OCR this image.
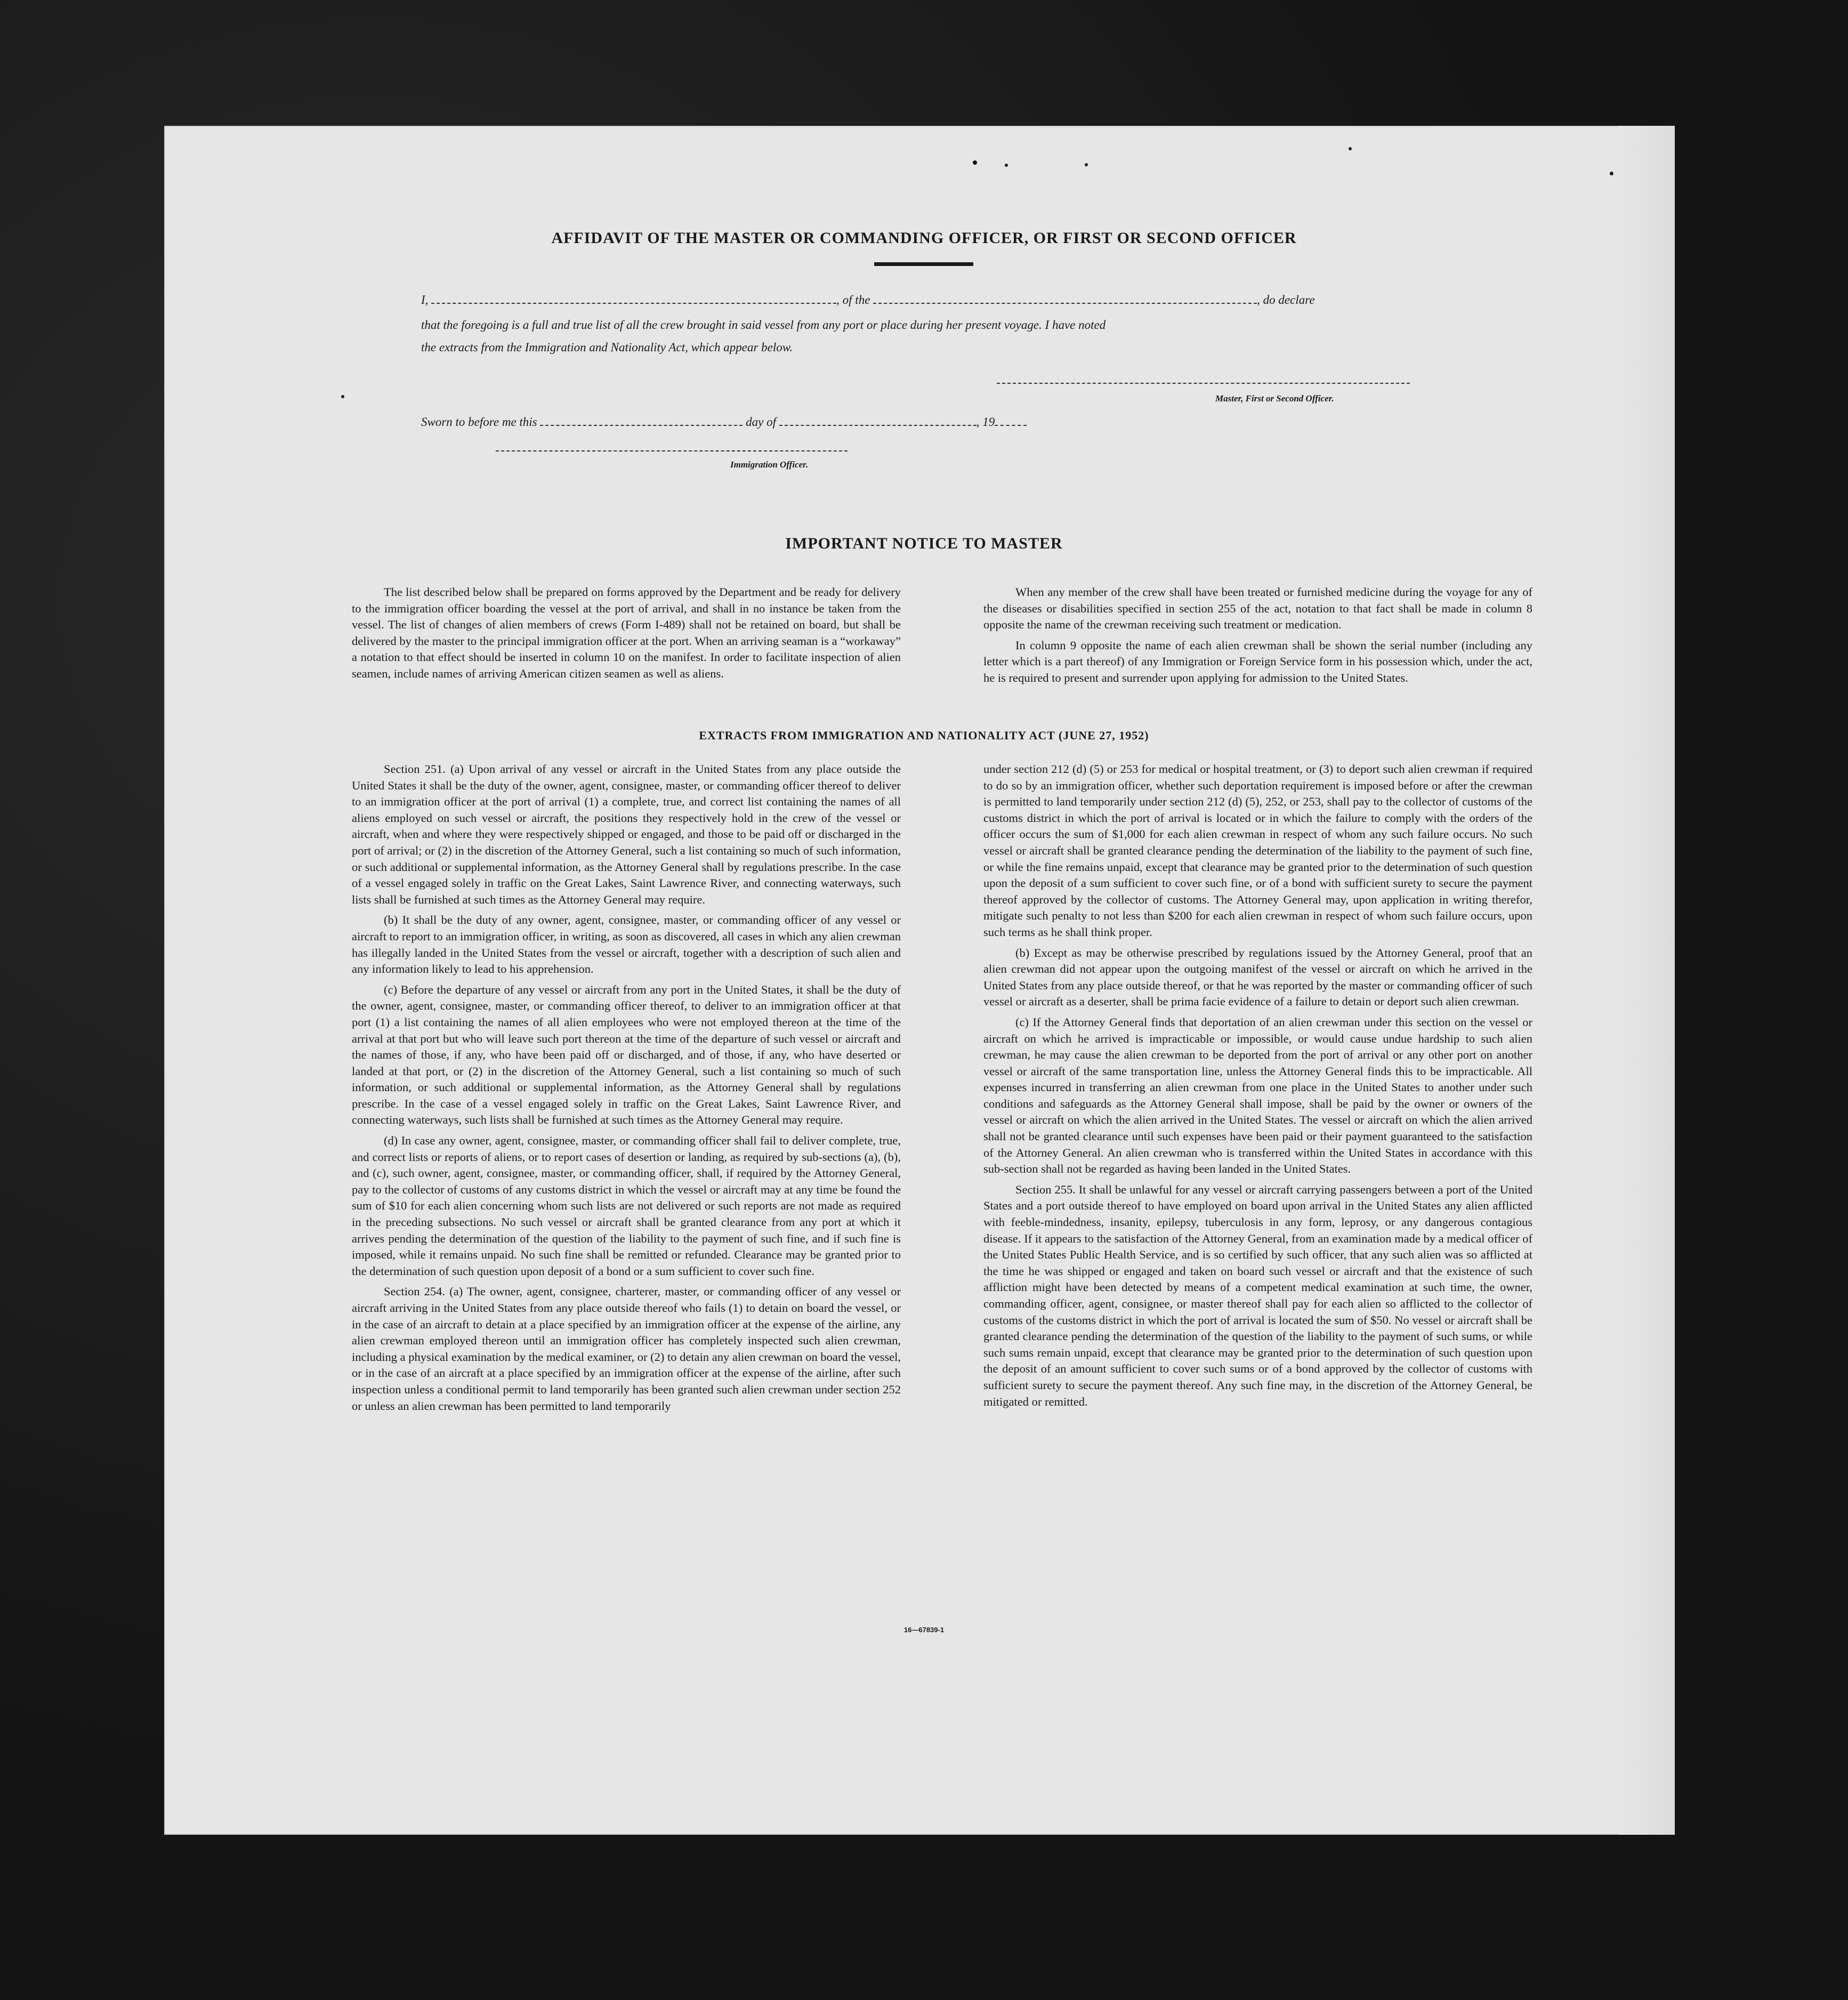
AFFIDAVIT OF THE MASTER OR COMMANDING OFFICER, OR FIRST OR SECOND OFFICER
I,	, of the	, do declare
that the foregoing is a full and true list of all the crew brought in said vessel from any port or place during her present voyage. I have noted
the extracts from the Immigration and Nationality Act, which appear below.
Master, First or Second Officer.
Sworn to before me this	day of	, 19
Immigration Officer.
IMPORTANT NOTICE TO MASTER

The list described below shall be prepared on forms approved by the Department and be ready for delivery to the immigration officer boarding the vessel at the port of arrival, and shall in no instance be taken from the vessel. The list of changes of alien members of crews (Form I-489) shall not be retained on board, but shall be delivered by the master to the principal immigration officer at the port. When an arriving seaman is a “workaway” a notation to that effect should be inserted in column 10 on the manifest. In order to facilitate inspection of alien seamen, include names of arriving American citizen seamen as well as aliens.

When any member of the crew shall have been treated or furnished medicine during the voyage for any of the diseases or disabilities specified in section 255 of the act, notation to that fact shall be made in column 8 opposite the name of the crewman receiving such treatment or medication.

In column 9 opposite the name of each alien crewman shall be shown the serial number (including any letter which is a part thereof) of any Immigration or Foreign Service form in his possession which, under the act, he is required to present and surrender upon applying for admission to the United States.

EXTRACTS FROM IMMIGRATION AND NATIONALITY ACT (JUNE 27, 1952)

Section 251. (a) Upon arrival of any vessel or aircraft in the United States from any place outside the United States it shall be the duty of the owner, agent, consignee, master, or commanding officer thereof to deliver to an immigration officer at the port of arrival (1) a complete, true, and correct list containing the names of all aliens employed on such vessel or aircraft, the positions they respectively hold in the crew of the vessel or aircraft, when and where they were respectively shipped or engaged, and those to be paid off or discharged in the port of arrival; or (2) in the discretion of the Attorney General, such a list containing so much of such information, or such additional or supplemental information, as the Attorney General shall by regulations prescribe. In the case of a vessel engaged solely in traffic on the Great Lakes, Saint Lawrence River, and connecting waterways, such lists shall be furnished at such times as the Attorney General may require.

(b) It shall be the duty of any owner, agent, consignee, master, or commanding officer of any vessel or aircraft to report to an immigration officer, in writing, as soon as discovered, all cases in which any alien crewman has illegally landed in the United States from the vessel or aircraft, together with a description of such alien and any information likely to lead to his apprehension.

(c) Before the departure of any vessel or aircraft from any port in the United States, it shall be the duty of the owner, agent, consignee, master, or commanding officer thereof, to deliver to an immigration officer at that port (1) a list containing the names of all alien employees who were not employed thereon at the time of the arrival at that port but who will leave such port thereon at the time of the departure of such vessel or aircraft and the names of those, if any, who have been paid off or discharged, and of those, if any, who have deserted or landed at that port, or (2) in the discretion of the Attorney General, such a list containing so much of such information, or such additional or supplemental information, as the Attorney General shall by regulations prescribe. In the case of a vessel engaged solely in traffic on the Great Lakes, Saint Lawrence River, and connecting waterways, such lists shall be furnished at such times as the Attorney General may require.

(d) In case any owner, agent, consignee, master, or commanding officer shall fail to deliver complete, true, and correct lists or reports of aliens, or to report cases of desertion or landing, as required by sub-sections (a), (b), and (c), such owner, agent, consignee, master, or commanding officer, shall, if required by the Attorney General, pay to the collector of customs of any customs district in which the vessel or aircraft may at any time be found the sum of $10 for each alien concerning whom such lists are not delivered or such reports are not made as required in the preceding subsections. No such vessel or aircraft shall be granted clearance from any port at which it arrives pending the determination of the question of the liability to the payment of such fine, and if such fine is imposed, while it remains unpaid. No such fine shall be remitted or refunded. Clearance may be granted prior to the determination of such question upon deposit of a bond or a sum sufficient to cover such fine.

Section 254. (a) The owner, agent, consignee, charterer, master, or commanding officer of any vessel or aircraft arriving in the United States from any place outside thereof who fails (1) to detain on board the vessel, or in the case of an aircraft to detain at a place specified by an immigration officer at the expense of the airline, any alien crewman employed thereon until an immigration officer has completely inspected such alien crewman, including a physical examination by the medical examiner, or (2) to detain any alien crewman on board the vessel, or in the case of an aircraft at a place specified by an immigration officer at the expense of the airline, after such inspection unless a conditional permit to land temporarily has been granted such alien crewman under section 252 or unless an alien crewman has been permitted to land temporarily

under section 212 (d) (5) or 253 for medical or hospital treatment, or (3) to deport such alien crewman if required to do so by an immigration officer, whether such deportation requirement is imposed before or after the crewman is permitted to land temporarily under section 212 (d) (5), 252, or 253, shall pay to the collector of customs of the customs district in which the port of arrival is located or in which the failure to comply with the orders of the officer occurs the sum of $1,000 for each alien crewman in respect of whom any such failure occurs. No such vessel or aircraft shall be granted clearance pending the determination of the liability to the payment of such fine, or while the fine remains unpaid, except that clearance may be granted prior to the determination of such question upon the deposit of a sum sufficient to cover such fine, or of a bond with sufficient surety to secure the payment thereof approved by the collector of customs. The Attorney General may, upon application in writing therefor, mitigate such penalty to not less than $200 for each alien crewman in respect of whom such failure occurs, upon such terms as he shall think proper.

(b) Except as may be otherwise prescribed by regulations issued by the Attorney General, proof that an alien crewman did not appear upon the outgoing manifest of the vessel or aircraft on which he arrived in the United States from any place outside thereof, or that he was reported by the master or commanding officer of such vessel or aircraft as a deserter, shall be prima facie evidence of a failure to detain or deport such alien crewman.

(c) If the Attorney General finds that deportation of an alien crewman under this section on the vessel or aircraft on which he arrived is impracticable or impossible, or would cause undue hardship to such alien crewman, he may cause the alien crewman to be deported from the port of arrival or any other port on another vessel or aircraft of the same transportation line, unless the Attorney General finds this to be impracticable. All expenses incurred in transferring an alien crewman from one place in the United States to another under such conditions and safeguards as the Attorney General shall impose, shall be paid by the owner or owners of the vessel or aircraft on which the alien arrived in the United States. The vessel or aircraft on which the alien arrived shall not be granted clearance until such expenses have been paid or their payment guaranteed to the satisfaction of the Attorney General. An alien crewman who is transferred within the United States in accordance with this sub-section shall not be regarded as having been landed in the United States.

Section 255. It shall be unlawful for any vessel or aircraft carrying passengers between a port of the United States and a port outside thereof to have employed on board upon arrival in the United States any alien afflicted with feeble-mindedness, insanity, epilepsy, tuberculosis in any form, leprosy, or any dangerous contagious disease. If it appears to the satisfaction of the Attorney General, from an examination made by a medical officer of the United States Public Health Service, and is so certified by such officer, that any such alien was so afflicted at the time he was shipped or engaged and taken on board such vessel or aircraft and that the existence of such affliction might have been detected by means of a competent medical examination at such time, the owner, commanding officer, agent, consignee, or master thereof shall pay for each alien so afflicted to the collector of customs of the customs district in which the port of arrival is located the sum of $50. No vessel or aircraft shall be granted clearance pending the determination of the question of the liability to the payment of such sums, or while such sums remain unpaid, except that clearance may be granted prior to the determination of such question upon the deposit of an amount sufficient to cover such sums or of a bond approved by the collector of customs with sufficient surety to secure the payment thereof. Any such fine may, in the discretion of the Attorney General, be mitigated or remitted.

16—67839-1
